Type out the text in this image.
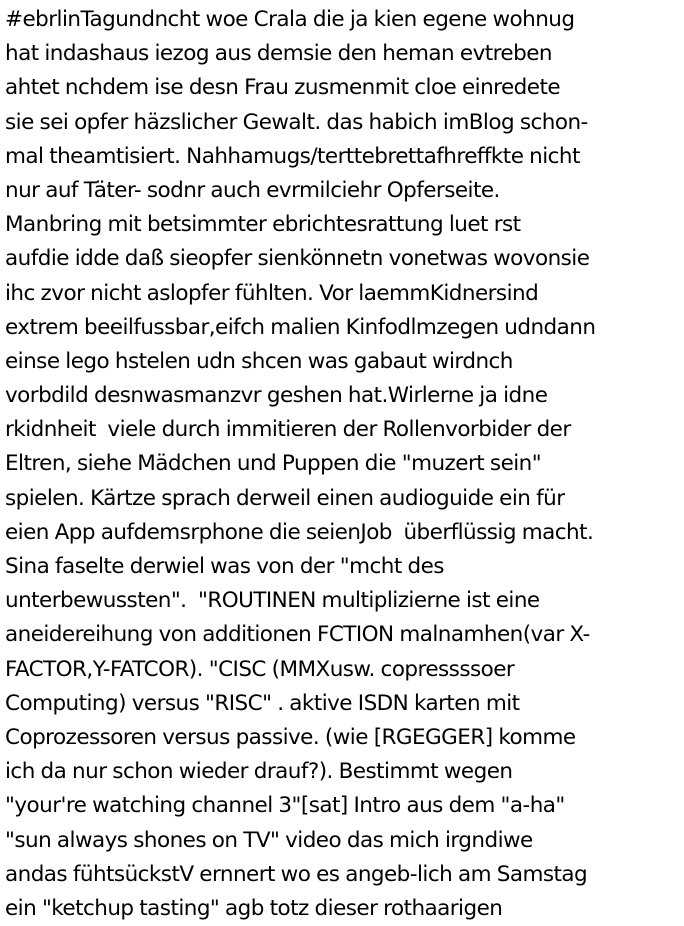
#ebrlinTagundncht woe Crala die ja kien egene wohnug
hat indashaus iezog aus demsie den heman evtreben
ahtet nchdem ise desn Frau zusmenmit cloe einredete
sie sei opfer häzslicher Gewalt. das habich imBlog schon-
mal theamtisiert. Nahhamugs/terttebrettafhreffkte nicht
nur auf Täter- sodnr auch evrmilciehr Opferseite.
Manbring mit betsimmter ebrichtesrattung luet rst
aufdie idde daß sieopfer sienkönnetn vonetwas wovonsie
ihc zvor nicht aslopfer fühlten. Vor laemmKidnersind
extrem beeilfussbar,eifch malien Kinfodlmzegen udndann
einse lego hstelen udn shcen was gabaut wirdnch
vorbdild desnwasmanzvr geshen hat.Wirlerne ja idne
rkidnheit  viele durch immitieren der Rollenvorbider der
Eltren, siehe Mädchen und Puppen die "muzert sein"
spielen. Kärtze sprach derweil einen audioguide ein für
eien App aufdemsrphone die seienJob  überflüssig macht.
Sina faselte derwiel was von der "mcht des
unterbewussten".  "ROUTINEN multiplizierne ist eine
aneidereihung von additionen FCTION malnamhen(var X-
FACTOR,Y-FATCOR). "CISC (MMXusw. copressssoer
Computing) versus "RISC" . aktive ISDN karten mit
Coprozessoren versus passive. (wie [RGEGGER] komme
ich da nur schon wieder drauf?). Bestimmt wegen
"your're watching channel 3"[sat] Intro aus dem "a-ha"
"sun always shones on TV" video das mich irgndiwe
andas fühtsückstV ernnert wo es angeb-lich am Samstag
ein "ketchup tasting" agb totz dieser rothaarigen
